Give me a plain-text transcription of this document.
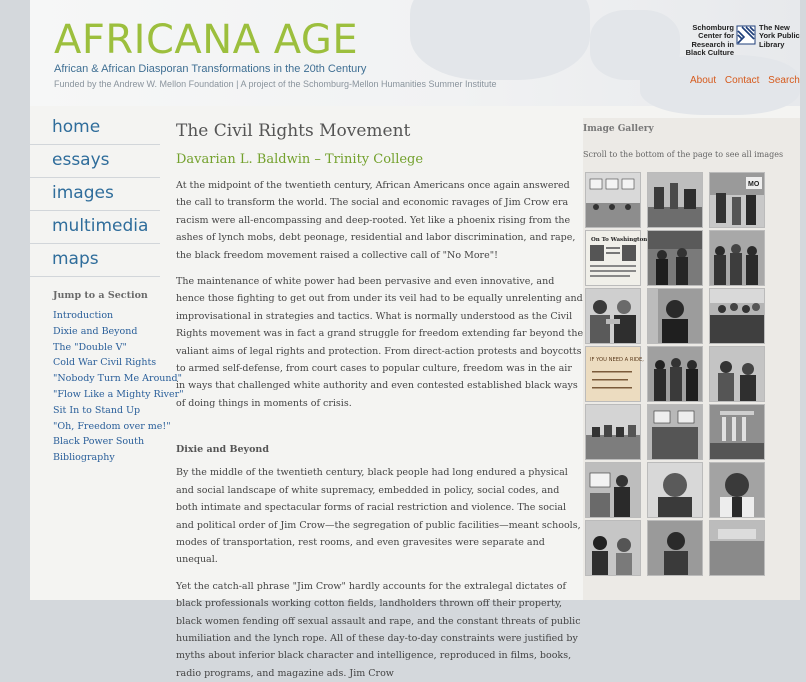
AFRICANA AGE
African & African Diasporan Transformations in the 20th Century
Funded by the Andrew W. Mellon Foundation | A project of the Schomburg-Mellon Humanities Summer Institute
Schomburg Center for Research in Black Culture
The New York Public Library
About Contact Search
home
essays
images
multimedia
maps
Jump to a Section
Introduction
Dixie and Beyond
The "Double V"
Cold War Civil Rights
"Nobody Turn Me Around"
"Flow Like a Mighty River"
Sit In to Stand Up
"Oh, Freedom over me!"
Black Power South
Bibliography
The Civil Rights Movement
Davarian L. Baldwin – Trinity College

At the midpoint of the twentieth century, African Americans once again answered the call to transform the world. The social and economic ravages of Jim Crow era racism were all-encompassing and deep-rooted. Yet like a phoenix rising from the ashes of lynch mobs, debt peonage, residential and labor discrimination, and rape, the black freedom movement raised a collective call of "No More"!

The maintenance of white power had been pervasive and even innovative, and hence those fighting to get out from under its veil had to be equally unrelenting and improvisational in strategies and tactics. What is normally understood as the Civil Rights movement was in fact a grand struggle for freedom extending far beyond the valiant aims of legal rights and protection. From direct-action protests and boycotts to armed self-defense, from court cases to popular culture, freedom was in the air in ways that challenged white authority and even contested established black ways of doing things in moments of crisis.

Dixie and Beyond

By the middle of the twentieth century, black people had long endured a physical and social landscape of white supremacy, embedded in policy, social codes, and both intimate and spectacular forms of racial restriction and violence. The social and political order of Jim Crow—the segregation of public facilities—meant schools, modes of transportation, rest rooms, and even gravesites were separate and unequal.

Yet the catch-all phrase "Jim Crow" hardly accounts for the extralegal dictates of black professionals working cotton fields, landholders thrown off their property, black women fending off sexual assault and rape, and the constant threats of public humiliation and the lynch rope. All of these day-to-day constraints were justified by myths about inferior black character and intelligence, reproduced in films, books, radio programs, and magazine ads. Jim Crow

Image Gallery
Scroll to the bottom of the page to see all images
MO
On To Washington
IF YOU NEED A RIDE,
